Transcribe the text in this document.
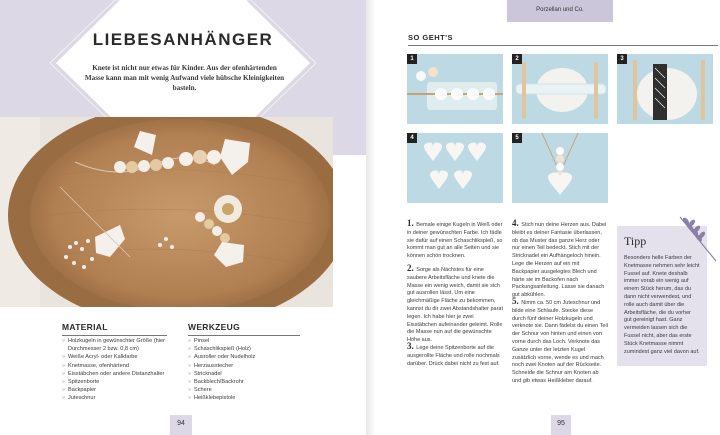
LIEBESANHÄNGER
Knete ist nicht nur etwas für Kinder. Aus der ofenhärtenden Masse kann man mit wenig Aufwand viele hübsche Kleinigkeiten basteln.
MATERIAL
» Holzkugeln in gewünschter Größe (hier Durchmesser 2 bzw. 0,8 cm)
» Weiße Acryl- oder Kalkfarbe
» Knetmasse, ofenhärtend
» Eisstäbchen oder andere Distanzhalter
» Spitzenborte
» Backpapier
» Juteschnur
WERKZEUG
» Pinsel
» Schaschlikspieß (Holz)
» Ausroller oder Nudelholz
» Herzausstecher
» Stricknadel
» Backblech/Backrohr
» Schere
» Heißklebepistole
94
Porzellan und Co.
SO GEHT'S
1	2	3
4	5
1. Bemale einige Kugeln in Weiß oder in deiner gewünschten Farbe. Ich fädle sie dafür auf einen Schaschlikspieß, so kommt man gut an alle Seiten und sie können schön trocknen.
2. Sorge als Nächstes für eine saubere Arbeitsfläche und knete die Masse ein wenig weich, damit sie sich gut ausrollen lässt. Um eine gleichmäßige Fläche zu bekommen, kannst du dir zwei Abstandshalter parat legen. Ich habe hier je zwei Eisstäbchen aufeinander geleimt. Rolle die Masse nun auf die gewünschte Höhe aus.
3. Lege deine Spitzenborte auf die ausgerollte Fläche und rolle nochmals darüber. Drück dabei nicht zu fest auf.
4. Stich nun deine Herzen aus. Dabei bleibt es deiner Fantasie überlassen, ob das Muster das ganze Herz oder nur einen Teil bedeckt. Stich mit der Stricknadel ein Aufhängeloch hinein. Lege die Herzen auf ein mit Backpapier ausgelegtes Blech und härte sie im Backofen nach Packungsanleitung. Lasse sie danach gut abkühlen.
5. Nimm ca. 50 cm Juteschnur und bilde eine Schlaufe. Stecke diese durch fünf deiner Holzkugeln und verknote sie. Dann fädelst du einen Teil der Schnur von hinten und einen von vorne durch das Loch. Verknote das Ganze unter der letzten Kugel zusätzlich vorne, wende es und mach noch zwei Knoten auf der Rückseite. Schneide die Schnur am Knoten ab und gib etwas Heißkleber darauf.
Tipp
Besonders helle Farben der Knetmasse nehmen sehr leicht Fussel auf. Knete deshalb immer vorab ein wenig auf einem Stück herum, das du dann nicht verwendest, und rolle auch damit über die Arbeitsfläche, die du vorher gut gereinigt hast. Ganz vermeiden lassen sich die Fussel nicht, aber das erste Stück Knetmasse nimmt zumindest ganz viel davon auf.
95
